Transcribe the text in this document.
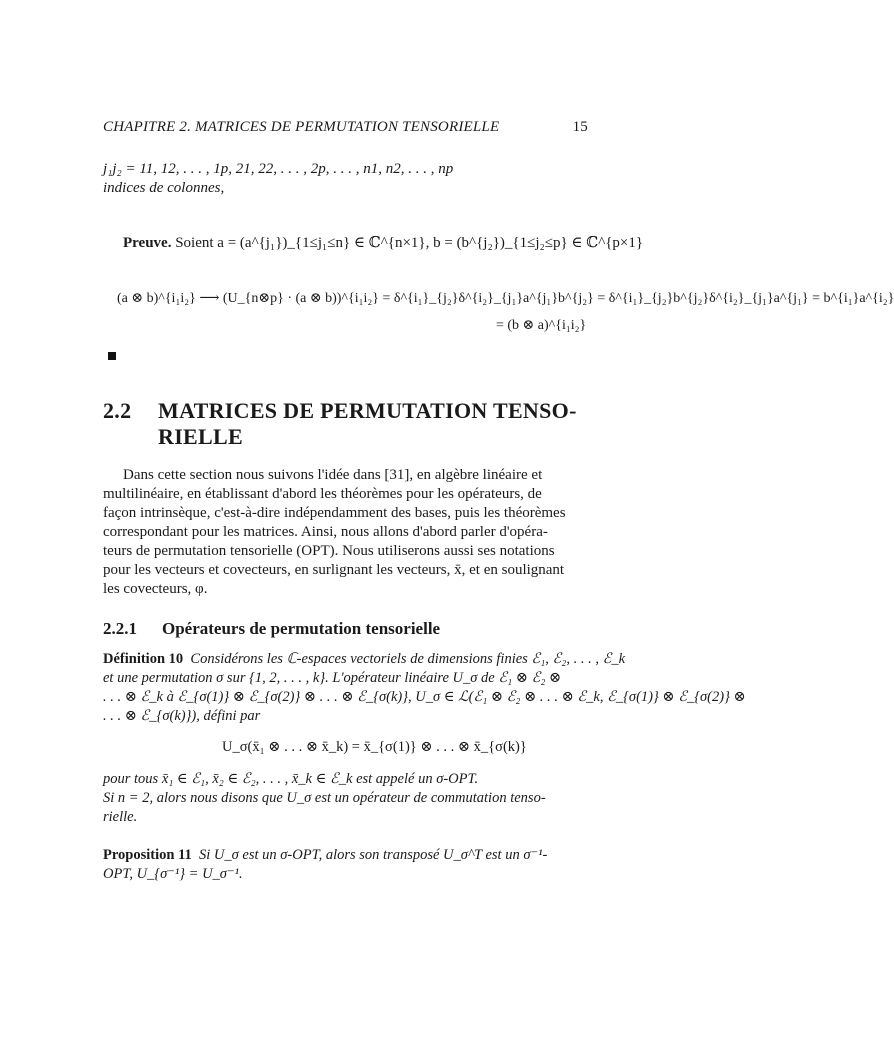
CHAPITRE 2. MATRICES DE PERMUTATION TENSORIELLE	15
j₁j₂ = 11, 12, . . . , 1p, 21, 22, . . . , 2p, . . . , n1, n2, . . . , np
indices de colonnes,
Preuve. Soient a = (a^{j₁})_{1≤j₁≤n} ∈ ℂ^{n×1}, b = (b^{j₂})_{1≤j₂≤p} ∈ ℂ^{p×1}
(a ⊗ b)^{i₁i₂} ⟶ (U_{n⊗p} · (a ⊗ b))^{i₁i₂} = δ^{i₁}_{j₂}δ^{i₂}_{j₁}a^{j₁}b^{j₂} = δ^{i₁}_{j₂}b^{j₂}δ^{i₂}_{j₁}a^{j₁} = b^{i₁}a^{i₂}
= (b ⊗ a)^{i₁i₂}
2.2 MATRICES DE PERMUTATION TENSO-RIELLE
Dans cette section nous suivons l'idée dans [31], en algèbre linéaire et
multilinéaire, en établissant d'abord les théorèmes pour les opérateurs, de
façon intrinsèque, c'est-à-dire indépendamment des bases, puis les théorèmes
correspondant pour les matrices. Ainsi, nous allons d'abord parler d'opéra-
teurs de permutation tensorielle (OPT). Nous utiliserons aussi ses notations
pour les vecteurs et covecteurs, en surlignant les vecteurs, x̄, et en soulignant
les covecteurs, φ.
2.2.1 Opérateurs de permutation tensorielle
Définition 10 Considérons les ℂ-espaces vectoriels de dimensions finies ℰ₁, ℰ₂, . . . , ℰ_k
et une permutation σ sur {1, 2, . . . , k}. L'opérateur linéaire U_σ de ℰ₁ ⊗ ℰ₂ ⊗
. . . ⊗ ℰ_k à ℰ_{σ(1)} ⊗ ℰ_{σ(2)} ⊗ . . . ⊗ ℰ_{σ(k)}, U_σ ∈ ℒ(ℰ₁ ⊗ ℰ₂ ⊗ . . . ⊗ ℰ_k, ℰ_{σ(1)} ⊗ ℰ_{σ(2)} ⊗
. . . ⊗ ℰ_{σ(k)}), défini par
U_σ(x̄₁ ⊗ . . . ⊗ x̄_k) = x̄_{σ(1)} ⊗ . . . ⊗ x̄_{σ(k)}
pour tous x̄₁ ∈ ℰ₁, x̄₂ ∈ ℰ₂, . . . , x̄_k ∈ ℰ_k est appelé un σ-OPT.
Si n = 2, alors nous disons que U_σ est un opérateur de commutation tenso-
rielle.
Proposition 11 Si U_σ est un σ-OPT, alors son transposé U_σ^T est un σ⁻¹-
OPT, U_{σ⁻¹} = U_σ⁻¹.
